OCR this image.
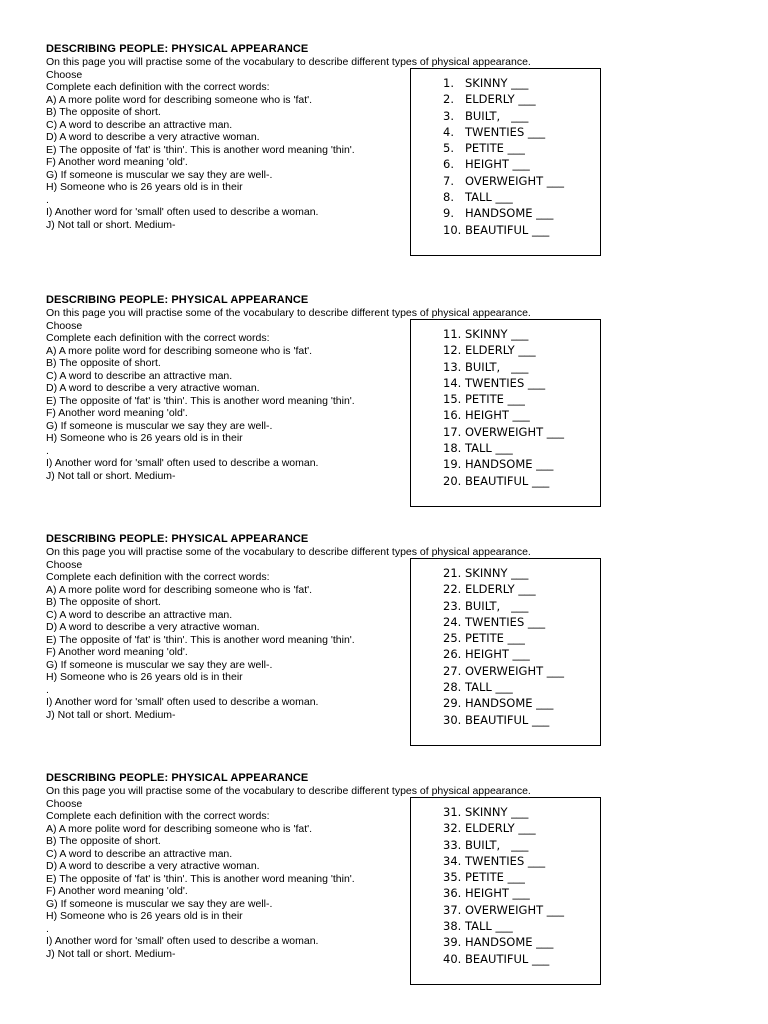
DESCRIBING PEOPLE: PHYSICAL APPEARANCE
On this page you will practise some of the vocabulary to describe different types of physical appearance.
Choose
Complete each definition with the correct words:
A) A more polite word for describing someone who is 'fat'.
B) The opposite of short.
C) A word to describe an attractive man.
D) A word to describe a very atractive woman.
E) The opposite of 'fat' is 'thin'. This is another word meaning 'thin'.
F) Another word meaning 'old'.
G) If someone is muscular we say they are well-.
H) Someone who is 26 years old is in their
.
I) Another word for 'small' often used to describe a woman.
J) Not tall or short. Medium-
1. SKINNY ___
2. ELDERLY ___
3. BUILT,   ___
4. TWENTIES ___
5. PETITE ___
6. HEIGHT ___
7. OVERWEIGHT ___
8. TALL ___
9. HANDSOME ___
10. BEAUTIFUL ___
DESCRIBING PEOPLE: PHYSICAL APPEARANCE
On this page you will practise some of the vocabulary to describe different types of physical appearance.
Choose
Complete each definition with the correct words:
A) A more polite word for describing someone who is 'fat'.
B) The opposite of short.
C) A word to describe an attractive man.
D) A word to describe a very atractive woman.
E) The opposite of 'fat' is 'thin'. This is another word meaning 'thin'.
F) Another word meaning 'old'.
G) If someone is muscular we say they are well-.
H) Someone who is 26 years old is in their
.
I) Another word for 'small' often used to describe a woman.
J) Not tall or short. Medium-
11. SKINNY ___
12. ELDERLY ___
13. BUILT,   ___
14. TWENTIES ___
15. PETITE ___
16. HEIGHT ___
17. OVERWEIGHT ___
18. TALL ___
19. HANDSOME ___
20. BEAUTIFUL ___
DESCRIBING PEOPLE: PHYSICAL APPEARANCE
On this page you will practise some of the vocabulary to describe different types of physical appearance.
Choose
Complete each definition with the correct words:
A) A more polite word for describing someone who is 'fat'.
B) The opposite of short.
C) A word to describe an attractive man.
D) A word to describe a very atractive woman.
E) The opposite of 'fat' is 'thin'. This is another word meaning 'thin'.
F) Another word meaning 'old'.
G) If someone is muscular we say they are well-.
H) Someone who is 26 years old is in their
.
I) Another word for 'small' often used to describe a woman.
J) Not tall or short. Medium-
21. SKINNY ___
22. ELDERLY ___
23. BUILT,   ___
24. TWENTIES ___
25. PETITE ___
26. HEIGHT ___
27. OVERWEIGHT ___
28. TALL ___
29. HANDSOME ___
30. BEAUTIFUL ___
DESCRIBING PEOPLE: PHYSICAL APPEARANCE
On this page you will practise some of the vocabulary to describe different types of physical appearance.
Choose
Complete each definition with the correct words:
A) A more polite word for describing someone who is 'fat'.
B) The opposite of short.
C) A word to describe an attractive man.
D) A word to describe a very atractive woman.
E) The opposite of 'fat' is 'thin'. This is another word meaning 'thin'.
F) Another word meaning 'old'.
G) If someone is muscular we say they are well-.
H) Someone who is 26 years old is in their
.
I) Another word for 'small' often used to describe a woman.
J) Not tall or short. Medium-
31. SKINNY ___
32. ELDERLY ___
33. BUILT,   ___
34. TWENTIES ___
35. PETITE ___
36. HEIGHT ___
37. OVERWEIGHT ___
38. TALL ___
39. HANDSOME ___
40. BEAUTIFUL ___
